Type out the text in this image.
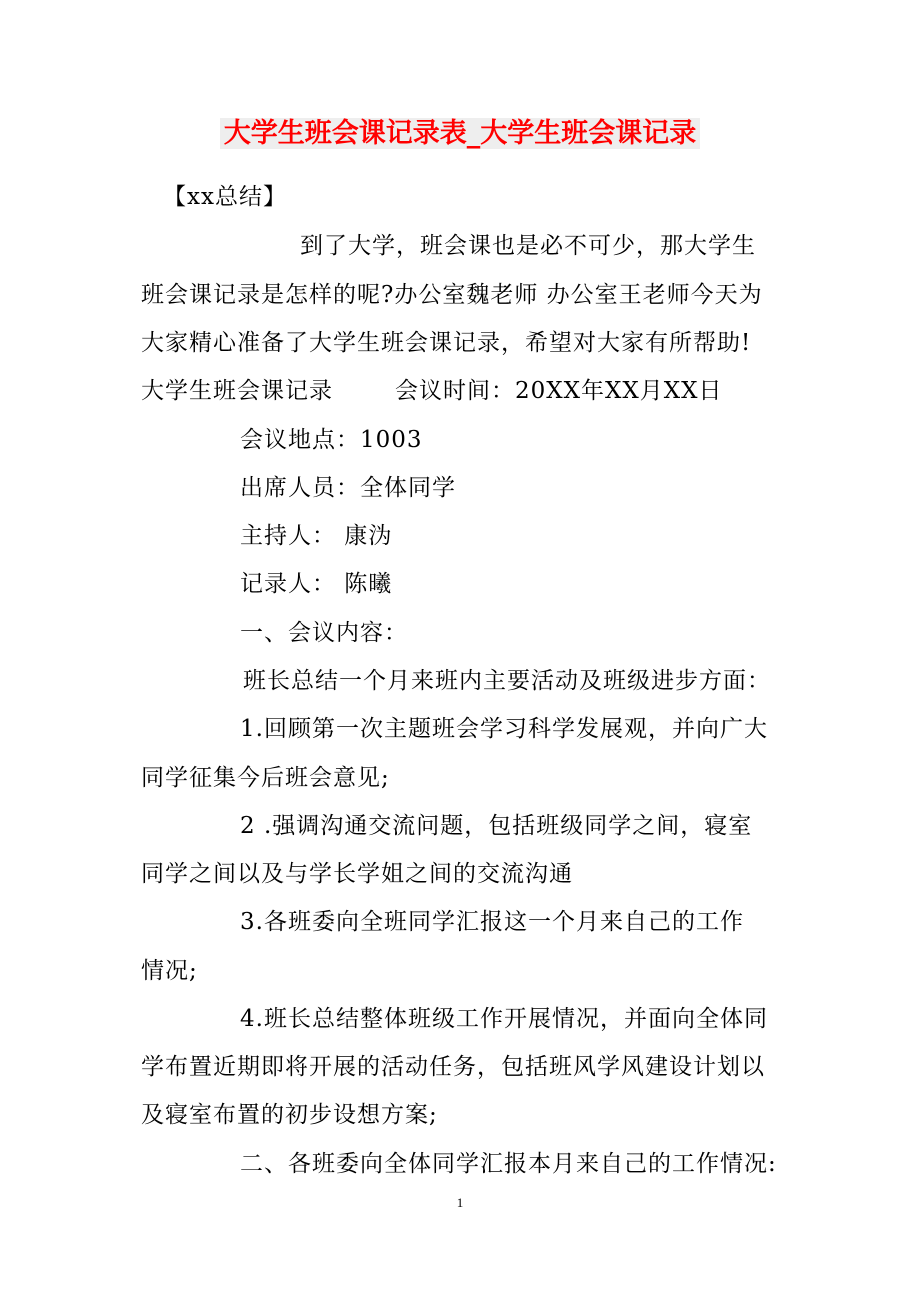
大学生班会课记录表_大学生班会课记录
【xx总结】
到了大学，班会课也是必不可少，那大学生
班会课记录是怎样的呢?办公室魏老师 办公室王老师今天为
大家精心准备了大学生班会课记录，希望对大家有所帮助!
大学生班会课记录	会议时间：20XX年XX月XX日
会议地点：1003
出席人员：全体同学
主持人： 康沩
记录人： 陈曦
一、会议内容：
班长总结一个月来班内主要活动及班级进步方面：
1.回顾第一次主题班会学习科学发展观，并向广大
同学征集今后班会意见;
2 .强调沟通交流问题，包括班级同学之间，寝室
同学之间以及与学长学姐之间的交流沟通
3.各班委向全班同学汇报这一个月来自己的工作
情况;
4.班长总结整体班级工作开展情况，并面向全体同
学布置近期即将开展的活动任务，包括班风学风建设计划以
及寝室布置的初步设想方案;
二、各班委向全体同学汇报本月来自己的工作情况:
1
